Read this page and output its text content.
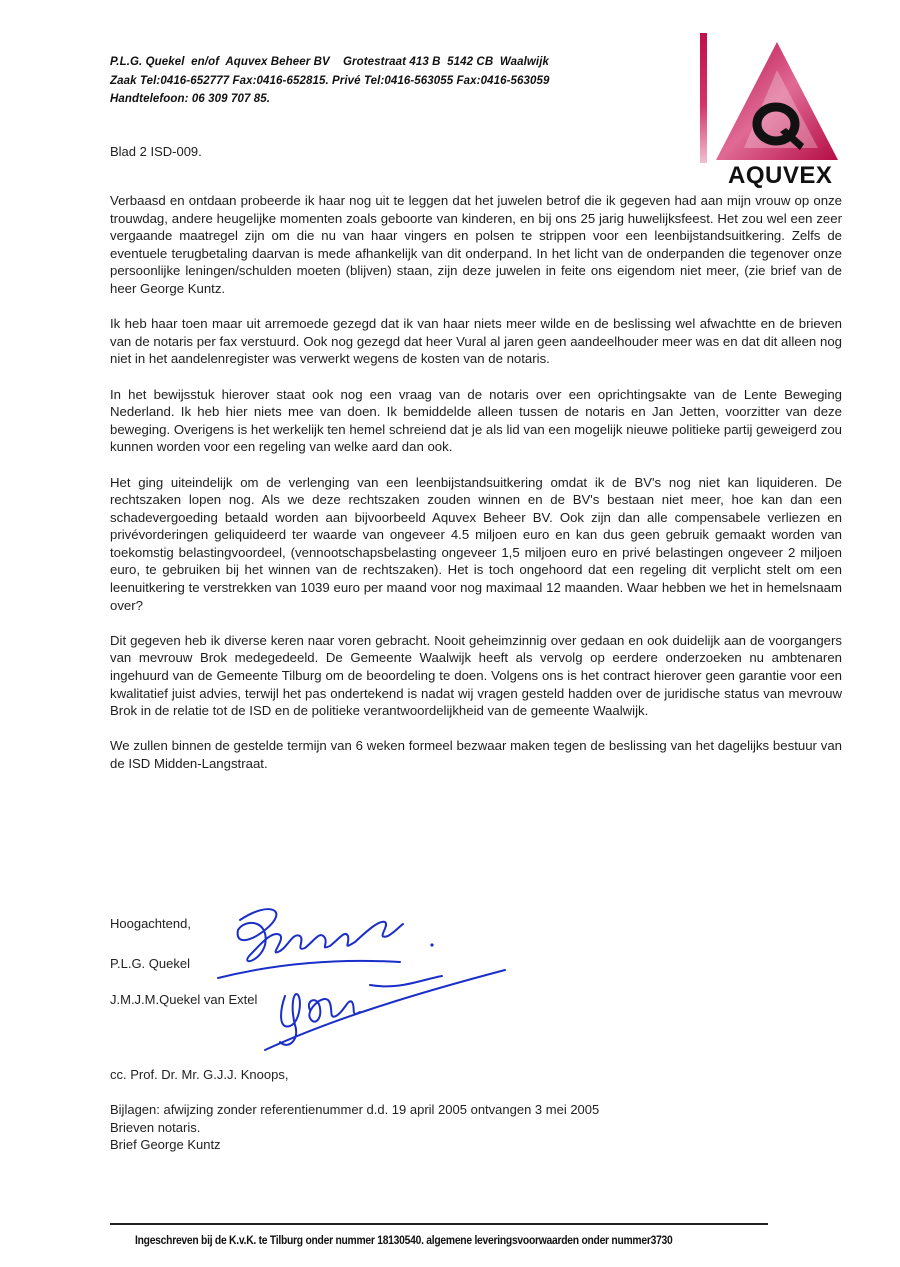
P.L.G. Quekel  en/of  Aquvex Beheer BV    Grotestraat 413 B  5142 CB  Waalwijk
Zaak Tel:0416-652777 Fax:0416-652815. Privé Tel:0416-563055 Fax:0416-563059
Handtelefoon: 06 309 707 85.
AQUVEX
Blad 2 ISD-009.

Verbaasd en ontdaan probeerde ik haar nog uit te leggen dat het juwelen betrof die ik gegeven had aan mijn vrouw op onze trouwdag, andere heugelijke momenten zoals geboorte van kinderen, en bij ons 25 jarig huwelijksfeest. Het zou wel een zeer vergaande maatregel zijn om die nu van haar vingers en polsen te strippen voor een leenbijstandsuitkering. Zelfs de eventuele terugbetaling daarvan is mede afhankelijk van dit onderpand. In het licht van de onderpanden die tegenover onze persoonlijke leningen/schulden moeten (blijven) staan, zijn deze juwelen in feite ons eigendom niet meer, (zie brief van de heer George Kuntz.

Ik heb haar toen maar uit arremoede gezegd dat ik van haar niets meer wilde en de beslissing wel afwachtte en de brieven van de notaris per fax verstuurd. Ook nog gezegd dat heer Vural al jaren geen aandeelhouder meer was en dat dit alleen nog niet in het aandelenregister was verwerkt wegens de kosten van de notaris.

In het bewijsstuk hierover staat ook nog een vraag van de notaris over een oprichtingsakte van de Lente Beweging Nederland. Ik heb hier niets mee van doen. Ik bemiddelde alleen tussen de notaris en Jan Jetten, voorzitter van deze beweging. Overigens is het werkelijk ten hemel schreiend dat je als lid van een mogelijk nieuwe politieke partij geweigerd zou kunnen worden voor een regeling van welke aard dan ook.

Het ging uiteindelijk om de verlenging van een leenbijstandsuitkering omdat ik de BV's nog niet kan liquideren. De rechtszaken lopen nog. Als we deze rechtszaken zouden winnen en de BV's bestaan niet meer, hoe kan dan een schadevergoeding betaald worden aan bijvoorbeeld Aquvex Beheer BV. Ook zijn dan alle compensabele verliezen en privévorderingen geliquideerd ter waarde van ongeveer 4.5 miljoen euro en kan dus geen gebruik gemaakt worden van toekomstig belastingvoordeel, (vennootschapsbelasting ongeveer 1,5 miljoen euro en privé belastingen ongeveer 2 miljoen euro, te gebruiken bij het winnen van de rechtszaken). Het is toch ongehoord dat een regeling dit verplicht stelt om een leenuitkering te verstrekken van 1039 euro per maand voor nog maximaal 12 maanden. Waar hebben we het in hemelsnaam over?

Dit gegeven heb ik diverse keren naar voren gebracht. Nooit geheimzinnig over gedaan en ook duidelijk aan de voorgangers van mevrouw Brok medegedeeld. De Gemeente Waalwijk heeft als vervolg op eerdere onderzoeken nu ambtenaren ingehuurd van de Gemeente Tilburg om de beoordeling te doen. Volgens ons is het contract hierover geen garantie voor een kwalitatief juist advies, terwijl het pas ondertekend is nadat wij vragen gesteld hadden over de juridische status van mevrouw Brok in de relatie tot de ISD en de politieke verantwoordelijkheid van de gemeente Waalwijk.

We zullen binnen de gestelde termijn van 6 weken formeel bezwaar maken tegen de beslissing van het dagelijks bestuur van de ISD Midden-Langstraat.

Hoogachtend,
P.L.G. Quekel
J.M.J.M.Quekel van Extel
cc. Prof. Dr. Mr. G.J.J. Knoops,
Bijlagen: afwijzing zonder referentienummer d.d. 19 april 2005 ontvangen 3 mei 2005
Brieven notaris.
Brief George Kuntz
Ingeschreven bij de K.v.K. te Tilburg onder nummer 18130540. algemene leveringsvoorwaarden onder nummer3730
